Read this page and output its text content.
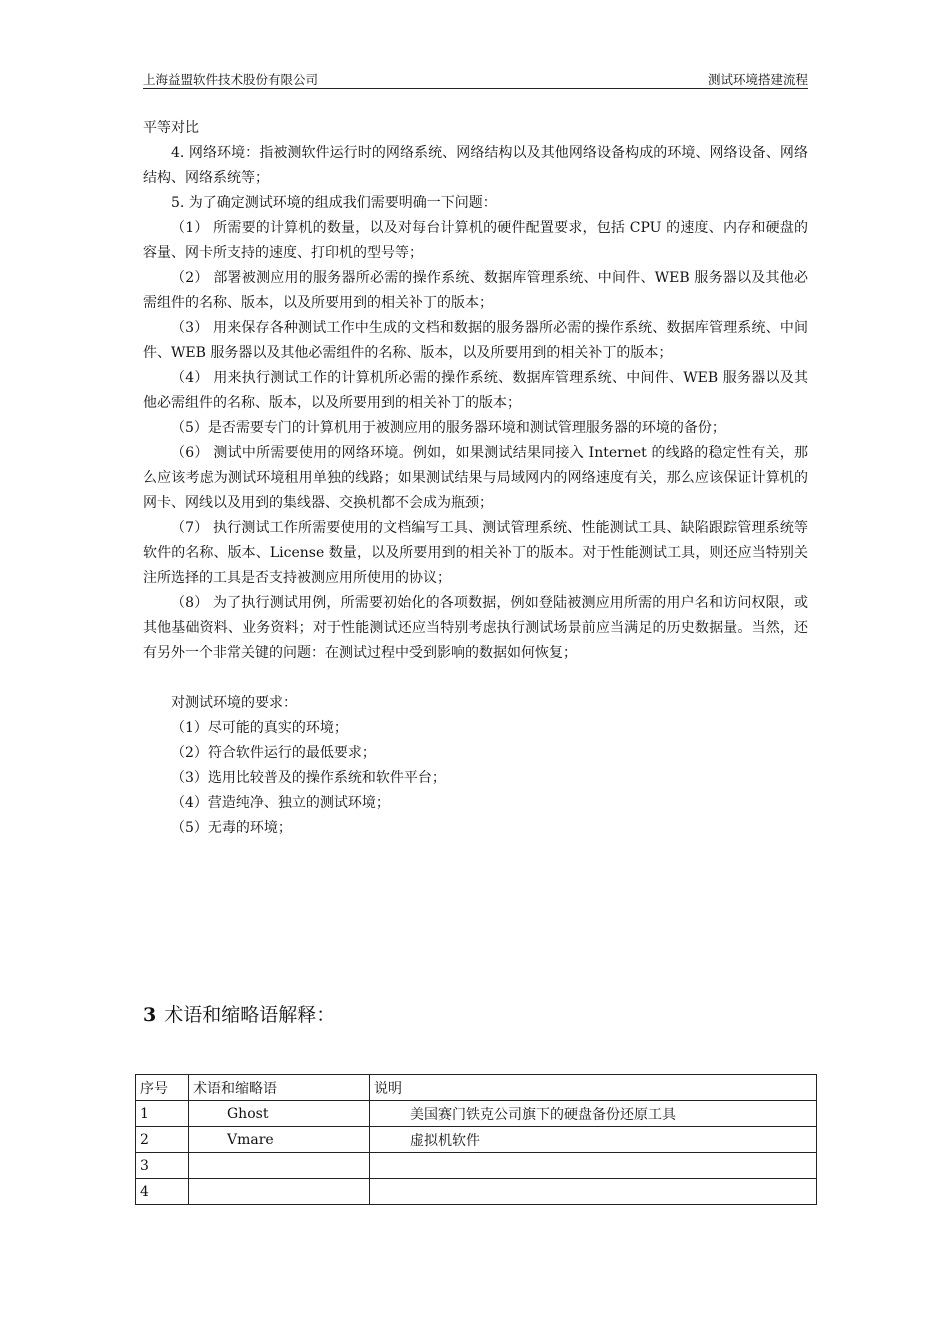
上海益盟软件技术股份有限公司	测试环境搭建流程

平等对比

4. 网络环境：指被测软件运行时的网络系统、网络结构以及其他网络设备构成的环境、网络设备、网络结构、网络系统等；

5. 为了确定测试环境的组成我们需要明确一下问题：

（1） 所需要的计算机的数量，以及对每台计算机的硬件配置要求，包括 CPU 的速度、内存和硬盘的容量、网卡所支持的速度、打印机的型号等；

（2） 部署被测应用的服务器所必需的操作系统、数据库管理系统、中间件、WEB 服务器以及其他必需组件的名称、版本，以及所要用到的相关补丁的版本；

（3） 用来保存各种测试工作中生成的文档和数据的服务器所必需的操作系统、数据库管理系统、中间件、WEB 服务器以及其他必需组件的名称、版本，以及所要用到的相关补丁的版本；

（4） 用来执行测试工作的计算机所必需的操作系统、数据库管理系统、中间件、WEB 服务器以及其他必需组件的名称、版本，以及所要用到的相关补丁的版本；

（5）是否需要专门的计算机用于被测应用的服务器环境和测试管理服务器的环境的备份；

（6） 测试中所需要使用的网络环境。例如，如果测试结果同接入 Internet 的线路的稳定性有关，那么应该考虑为测试环境租用单独的线路；如果测试结果与局域网内的网络速度有关，那么应该保证计算机的网卡、网线以及用到的集线器、交换机都不会成为瓶颈；

（7） 执行测试工作所需要使用的文档编写工具、测试管理系统、性能测试工具、缺陷跟踪管理系统等软件的名称、版本、License 数量，以及所要用到的相关补丁的版本。对于性能测试工具，则还应当特别关注所选择的工具是否支持被测应用所使用的协议；

（8） 为了执行测试用例，所需要初始化的各项数据，例如登陆被测应用所需的用户名和访问权限，或其他基础资料、业务资料；对于性能测试还应当特别考虑执行测试场景前应当满足的历史数据量。当然，还有另外一个非常关键的问题：在测试过程中受到影响的数据如何恢复；

对测试环境的要求：

（1）尽可能的真实的环境；

（2）符合软件运行的最低要求；

（3）选用比较普及的操作系统和软件平台；

（4）营造纯净、独立的测试环境；

（5）无毒的环境；

3 术语和缩略语解释：
序号	术语和缩略语	说明
1	Ghost	美国赛门铁克公司旗下的硬盘备份还原工具
2	Vmare	虚拟机软件
3		
4		
